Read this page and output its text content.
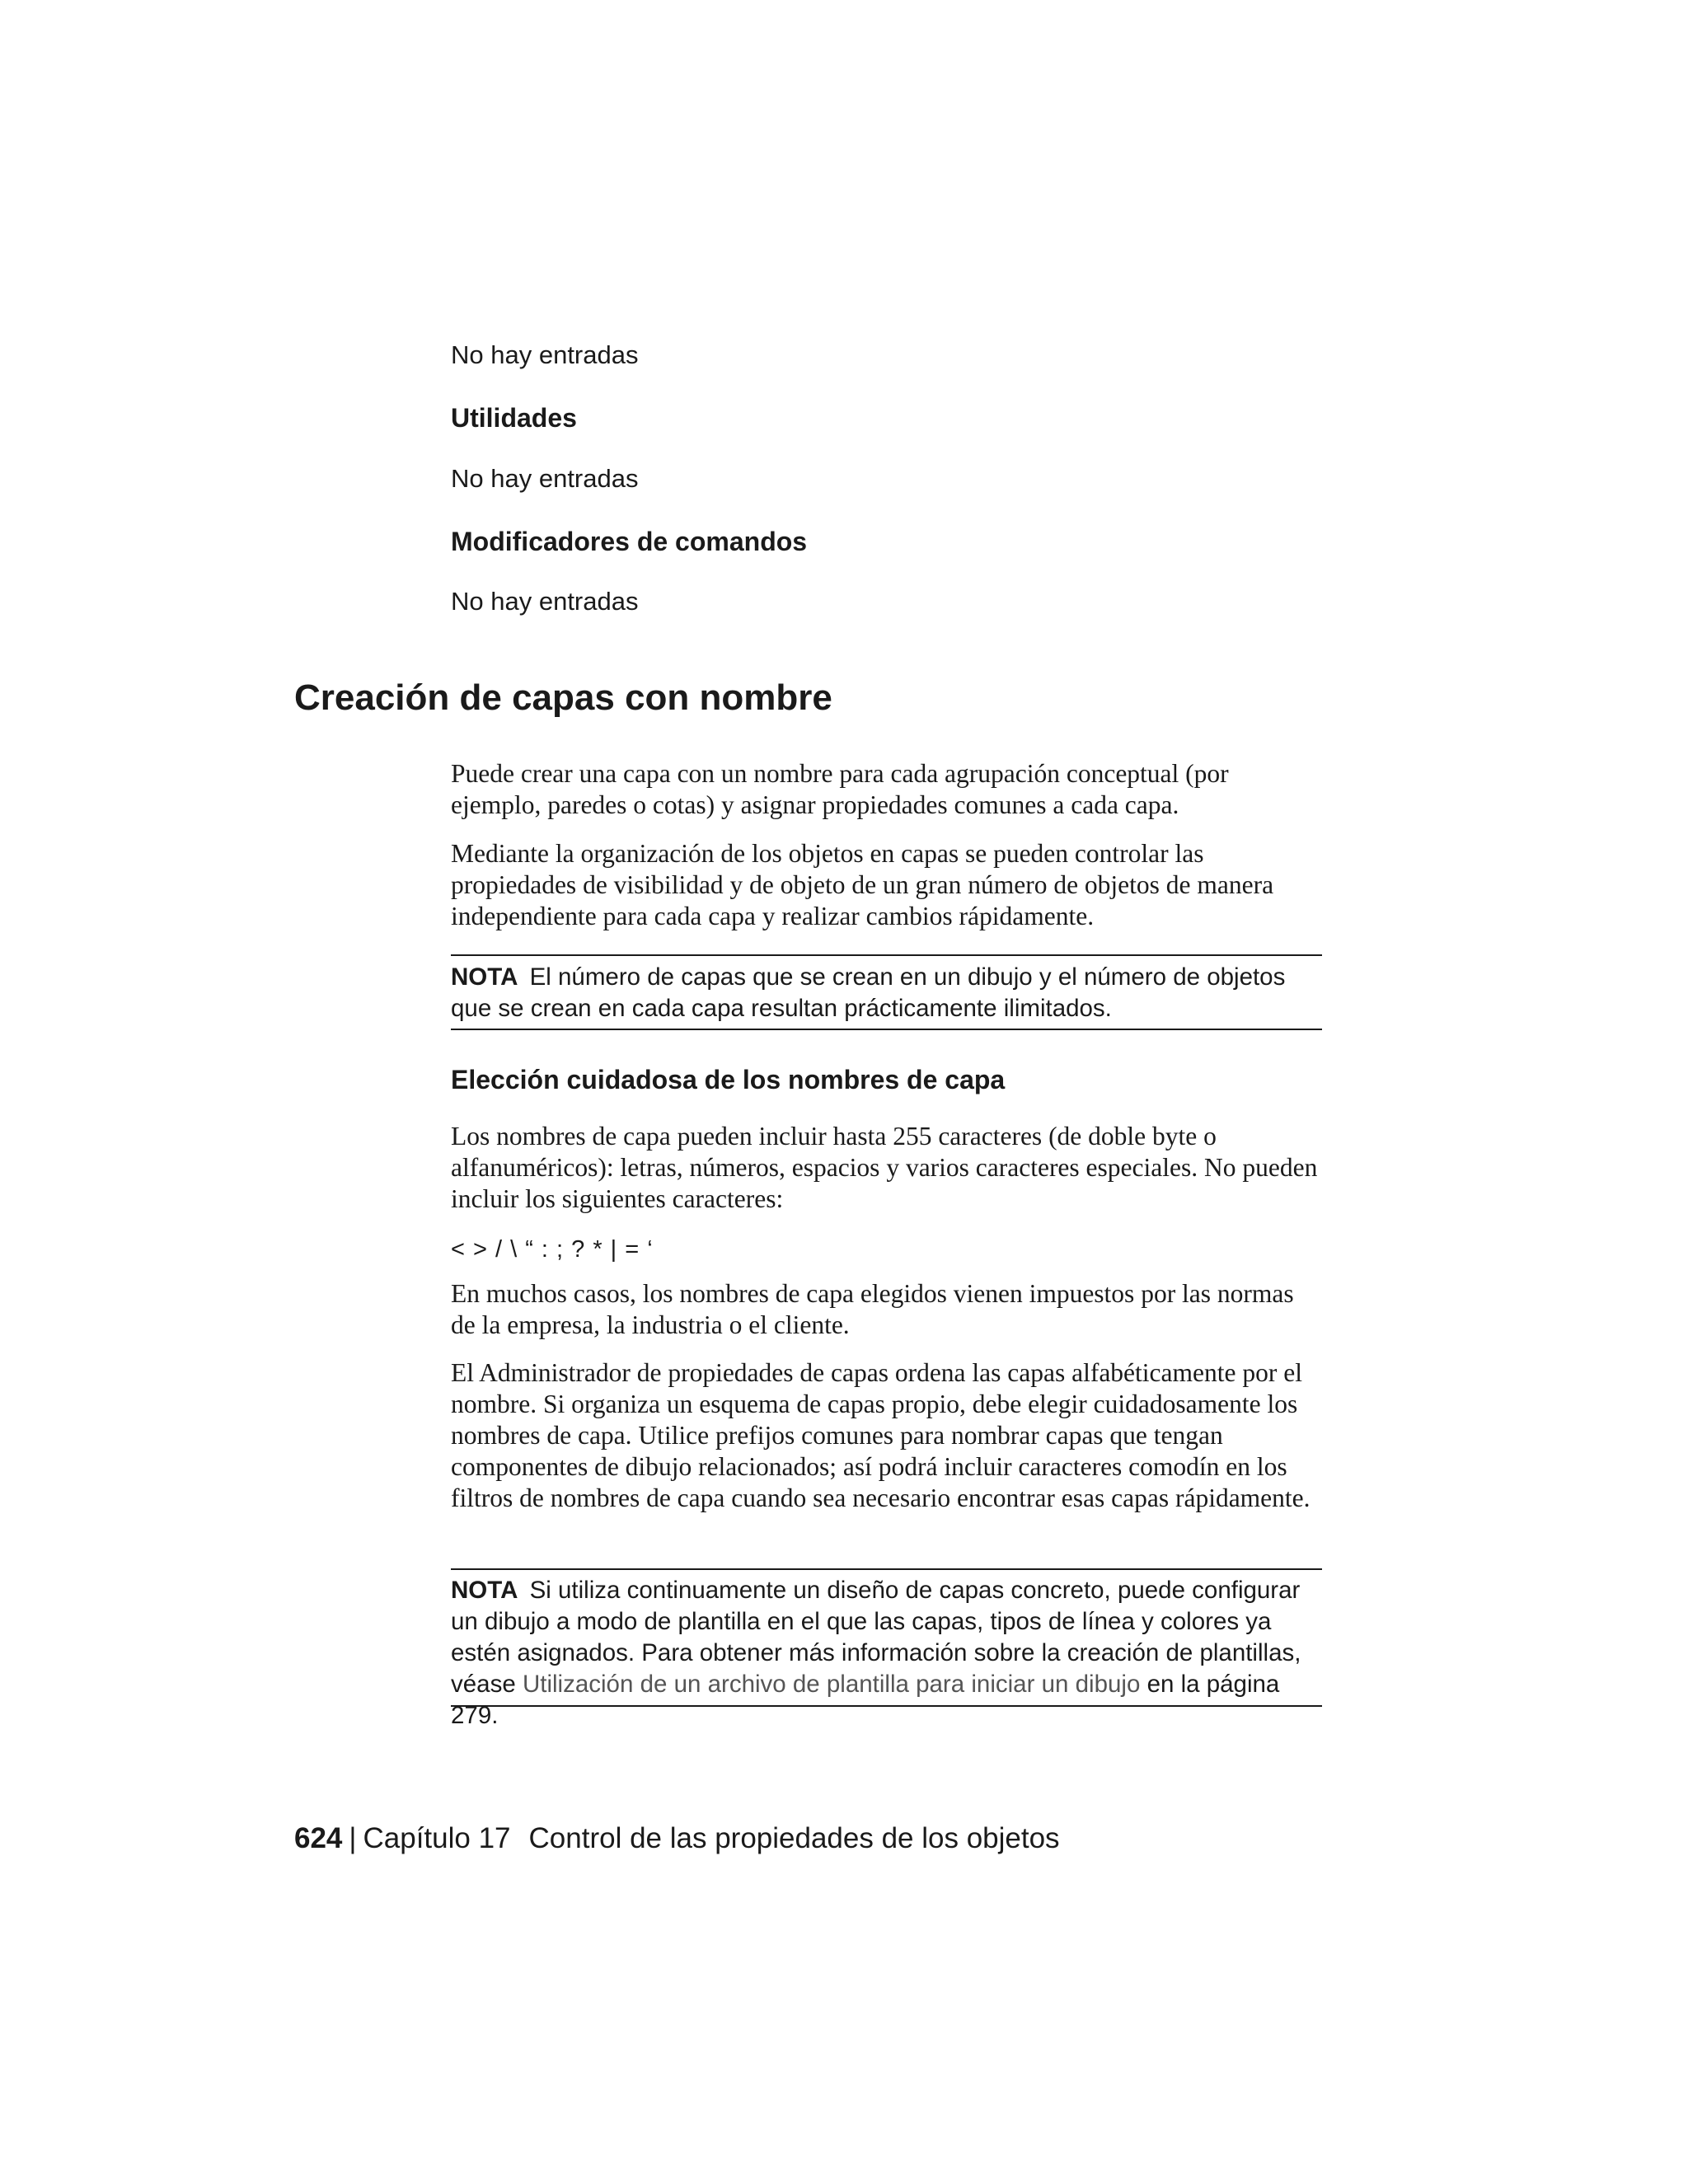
No hay entradas

Utilidades

No hay entradas

Modificadores de comandos

No hay entradas

Creación de capas con nombre

Puede crear una capa con un nombre para cada agrupación conceptual (por ejemplo, paredes o cotas) y asignar propiedades comunes a cada capa.

Mediante la organización de los objetos en capas se pueden controlar las propiedades de visibilidad y de objeto de un gran número de objetos de manera independiente para cada capa y realizar cambios rápidamente.

NOTA El número de capas que se crean en un dibujo y el número de objetos que se crean en cada capa resultan prácticamente ilimitados.

Elección cuidadosa de los nombres de capa

Los nombres de capa pueden incluir hasta 255 caracteres (de doble byte o alfanuméricos): letras, números, espacios y varios caracteres especiales. No pueden incluir los siguientes caracteres:

< > / \ “ : ; ? * | = ‘

En muchos casos, los nombres de capa elegidos vienen impuestos por las normas de la empresa, la industria o el cliente.

El Administrador de propiedades de capas ordena las capas alfabéticamente por el nombre. Si organiza un esquema de capas propio, debe elegir cuidadosamente los nombres de capa. Utilice prefijos comunes para nombrar capas que tengan componentes de dibujo relacionados; así podrá incluir caracteres comodín en los filtros de nombres de capa cuando sea necesario encontrar esas capas rápidamente.

NOTA Si utiliza continuamente un diseño de capas concreto, puede configurar un dibujo a modo de plantilla en el que las capas, tipos de línea y colores ya estén asignados. Para obtener más información sobre la creación de plantillas, véase Utilización de un archivo de plantilla para iniciar un dibujo en la página 279.

624 | Capítulo 17 Control de las propiedades de los objetos
